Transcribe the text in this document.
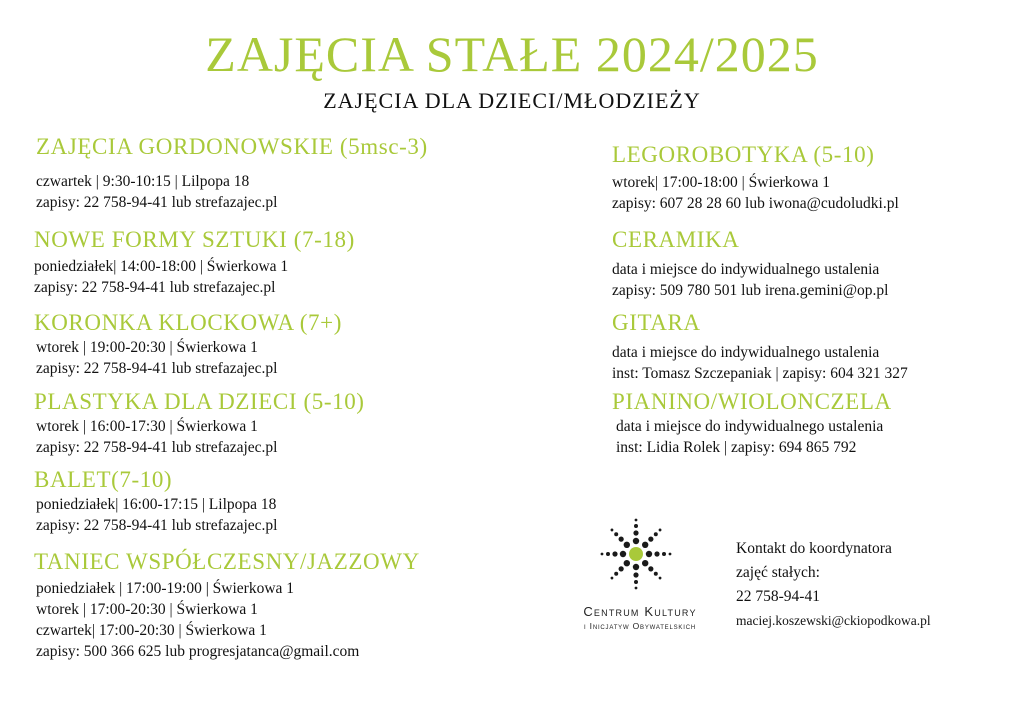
ZAJĘCIA STAŁE 2024/2025
ZAJĘCIA DLA DZIECI/MŁODZIEŻY
ZAJĘCIA GORDONOWSKIE (5msc-3)
czwartek | 9:30-10:15 | Lilpopa 18
zapisy: 22 758-94-41 lub strefazajec.pl
NOWE FORMY SZTUKI (7-18)
poniedziałek| 14:00-18:00 | Świerkowa 1
zapisy: 22 758-94-41 lub strefazajec.pl
KORONKA KLOCKOWA (7+)
wtorek | 19:00-20:30 | Świerkowa 1
zapisy: 22 758-94-41 lub strefazajec.pl
PLASTYKA DLA DZIECI (5-10)
wtorek | 16:00-17:30 | Świerkowa 1
zapisy: 22 758-94-41 lub strefazajec.pl
BALET(7-10)
poniedziałek| 16:00-17:15 | Lilpopa 18
zapisy: 22 758-94-41 lub strefazajec.pl
TANIEC WSPÓŁCZESNY/JAZZOWY
poniedziałek | 17:00-19:00 | Świerkowa 1
wtorek | 17:00-20:30 | Świerkowa 1
czwartek| 17:00-20:30 | Świerkowa 1
zapisy: 500 366 625 lub progresjatanca@gmail.com
LEGOROBOTYKA (5-10)
wtorek| 17:00-18:00 | Świerkowa 1
zapisy: 607 28 28 60 lub iwona@cudoludki.pl
CERAMIKA
data i miejsce do indywidualnego ustalenia
zapisy: 509 780 501 lub irena.gemini@op.pl
GITARA
data i miejsce do indywidualnego ustalenia
inst: Tomasz Szczepaniak | zapisy: 604 321 327
PIANINO/WIOLONCZELA
data i miejsce do indywidualnego ustalenia
inst: Lidia Rolek | zapisy: 694 865 792
Centrum Kultury
i Inicjatyw Obywatelskich
Kontakt do koordynatora
zajęć stałych:
22 758-94-41
maciej.koszewski@ckiopodkowa.pl
